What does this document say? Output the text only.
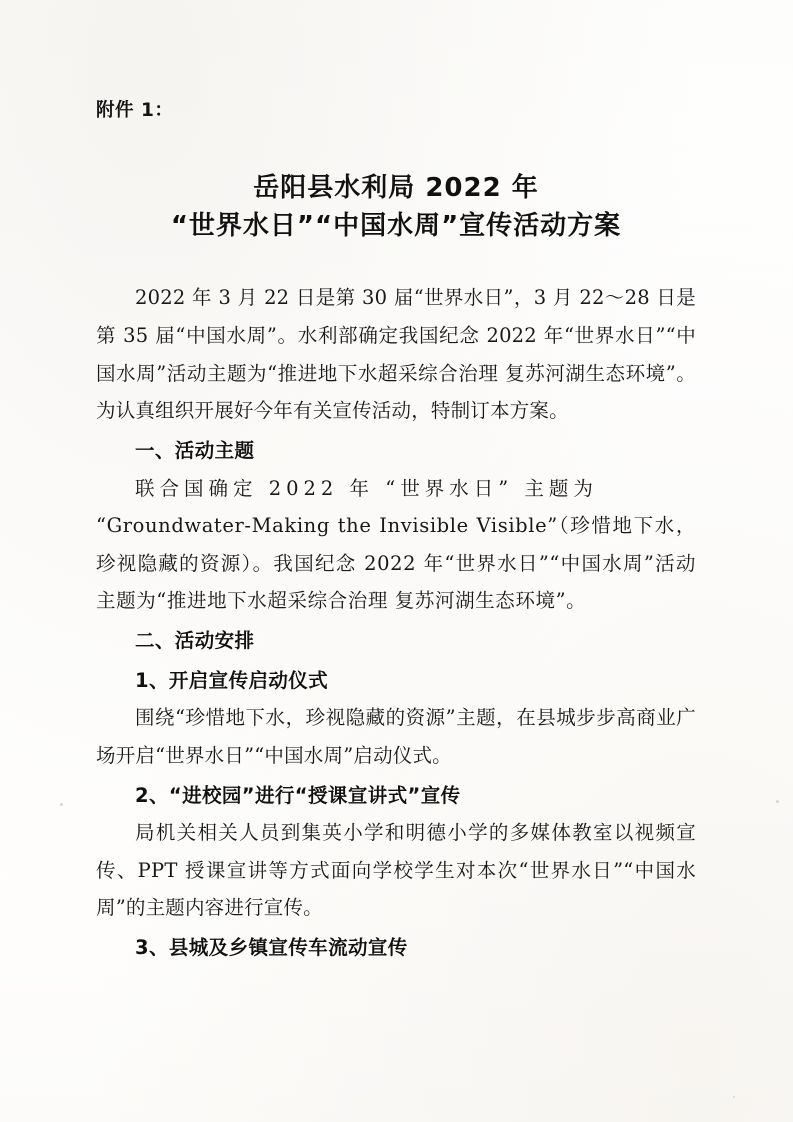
附件 1：
岳阳县水利局 2022 年
“世界水日”“中国水周”宣传活动方案

2022 年 3 月 22 日是第 30 届“世界水日”，3 月 22～28 日是第 35 届“中国水周”。水利部确定我国纪念 2022 年“世界水日”“中国水周”活动主题为“推进地下水超采综合治理 复苏河湖生态环境”。为认真组织开展好今年有关宣传活动，特制订本方案。

一、活动主题

联合国确定 2022 年 “世界水日” 主题为

“Groundwater-Making the Invisible Visible”（珍惜地下水，珍视隐藏的资源）。我国纪念 2022 年“世界水日”“中国水周”活动主题为“推进地下水超采综合治理 复苏河湖生态环境”。

二、活动安排

1、开启宣传启动仪式

围绕“珍惜地下水，珍视隐藏的资源”主题，在县城步步高商业广场开启“世界水日”“中国水周”启动仪式。

2、“进校园”进行“授课宣讲式”宣传

局机关相关人员到集英小学和明德小学的多媒体教室以视频宣传、PPT 授课宣讲等方式面向学校学生对本次“世界水日”“中国水周”的主题内容进行宣传。

3、县城及乡镇宣传车流动宣传
